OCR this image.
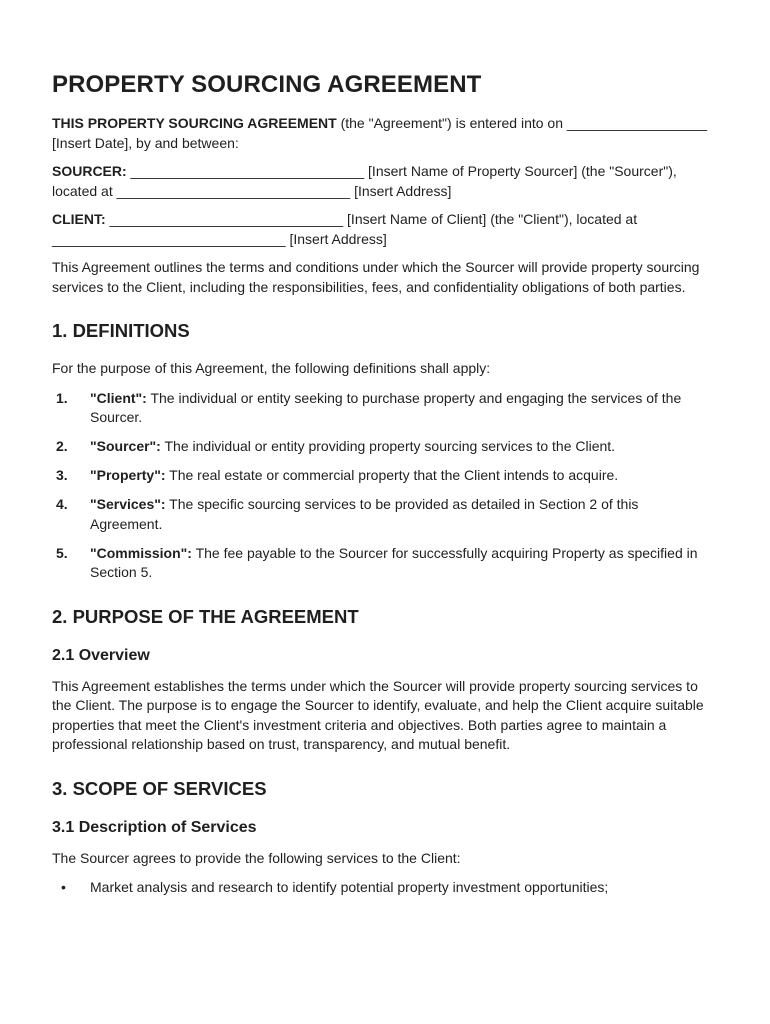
PROPERTY SOURCING AGREEMENT

THIS PROPERTY SOURCING AGREEMENT (the "Agreement") is entered into on __________________ [Insert Date], by and between:

SOURCER: ______________________________ [Insert Name of Property Sourcer] (the "Sourcer"), located at ______________________________ [Insert Address]

CLIENT: ______________________________ [Insert Name of Client] (the "Client"), located at ______________________________ [Insert Address]

This Agreement outlines the terms and conditions under which the Sourcer will provide property sourcing services to the Client, including the responsibilities, fees, and confidentiality obligations of both parties.

1. DEFINITIONS

For the purpose of this Agreement, the following definitions shall apply:

1. "Client": The individual or entity seeking to purchase property and engaging the services of the Sourcer.
2. "Sourcer": The individual or entity providing property sourcing services to the Client.
3. "Property": The real estate or commercial property that the Client intends to acquire.
4. "Services": The specific sourcing services to be provided as detailed in Section 2 of this Agreement.
5. "Commission": The fee payable to the Sourcer for successfully acquiring Property as specified in Section 5.
2. PURPOSE OF THE AGREEMENT
2.1 Overview

This Agreement establishes the terms under which the Sourcer will provide property sourcing services to the Client. The purpose is to engage the Sourcer to identify, evaluate, and help the Client acquire suitable properties that meet the Client's investment criteria and objectives. Both parties agree to maintain a professional relationship based on trust, transparency, and mutual benefit.

3. SCOPE OF SERVICES
3.1 Description of Services

The Sourcer agrees to provide the following services to the Client:

• Market analysis and research to identify potential property investment opportunities;
